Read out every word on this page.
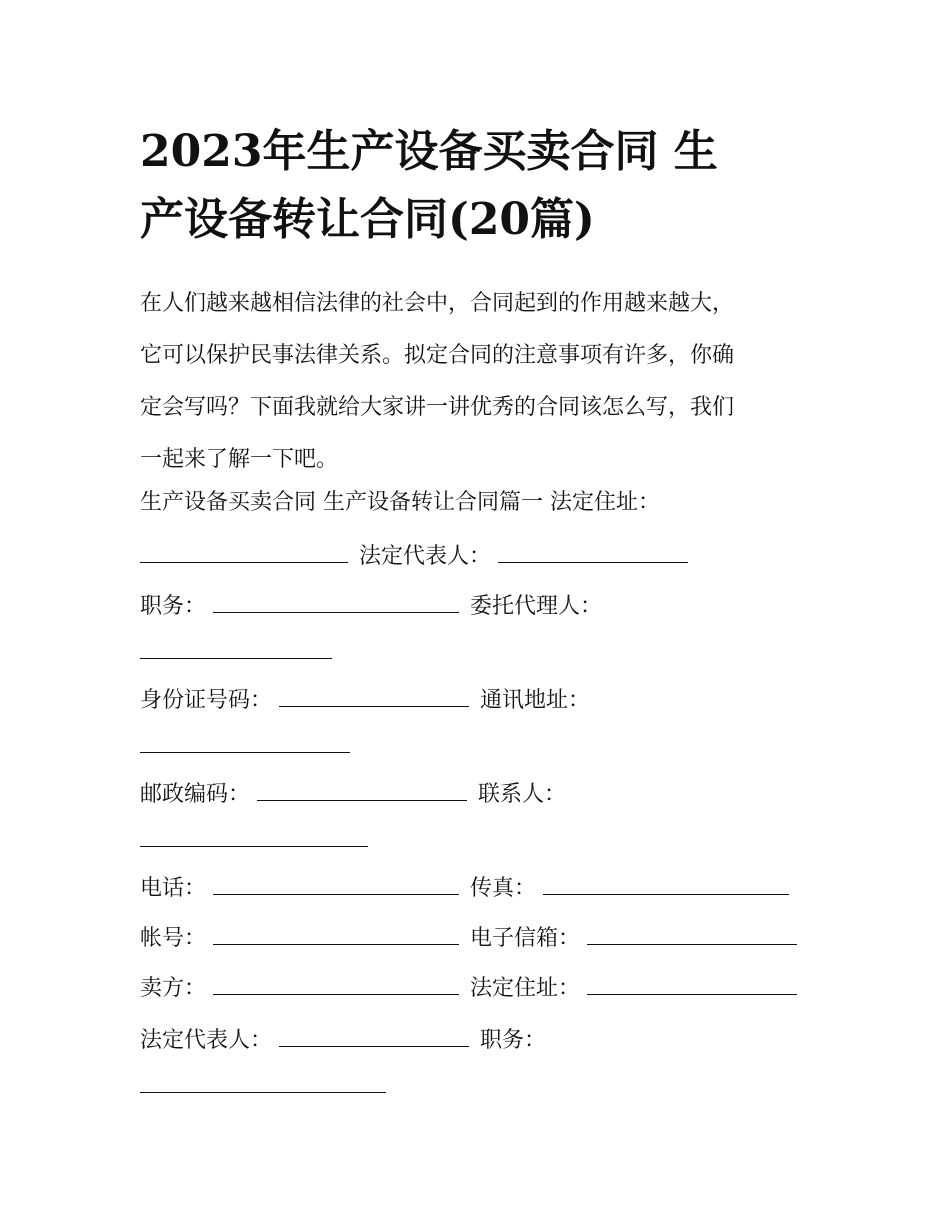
2023年生产设备买卖合同 生
产设备转让合同(20篇)
在人们越来越相信法律的社会中，合同起到的作用越来越大，
它可以保护民事法律关系。拟定合同的注意事项有许多，你确
定会写吗？下面我就给大家讲一讲优秀的合同该怎么写，我们
一起来了解一下吧。
生产设备买卖合同 生产设备转让合同篇一 法定住址：
法定代表人：
职务：	委托代理人：
身份证号码：	通讯地址：
邮政编码：	联系人：
电话：	传真：
帐号：	电子信箱：
卖方：	法定住址：
法定代表人：	职务：
